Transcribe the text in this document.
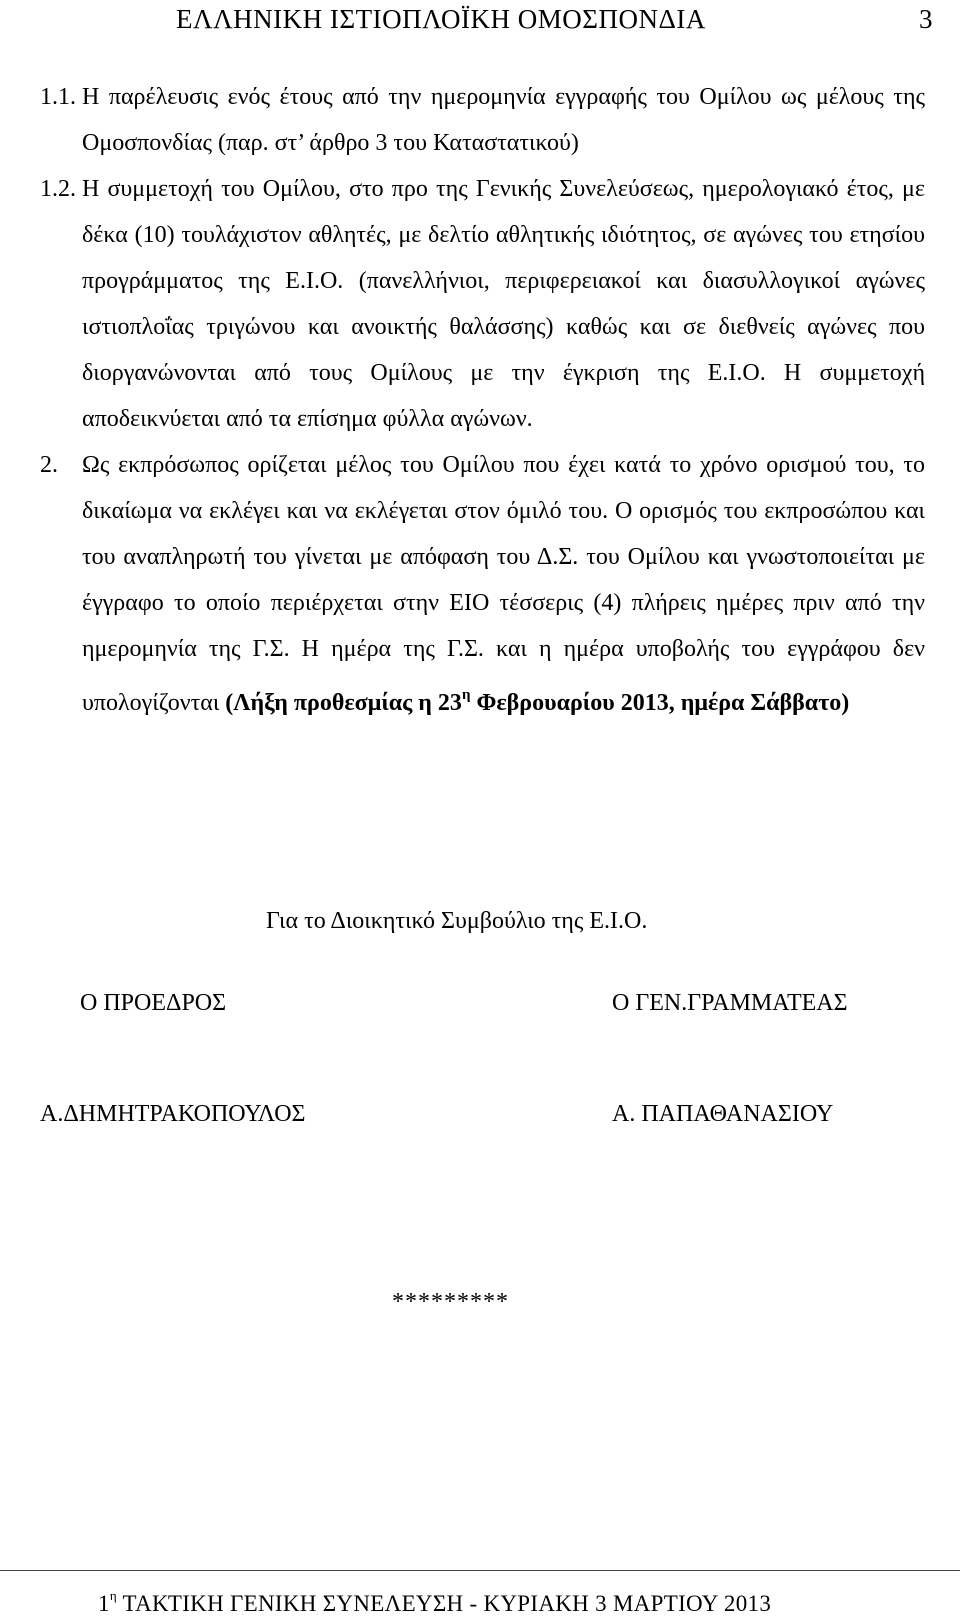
ΕΛΛΗΝΙΚΗ ΙΣΤΙΟΠΛΟΪΚΗ ΟΜΟΣΠΟΝΔΙΑ	3
1.1. Η παρέλευσις ενός έτους από την ημερομηνία εγγραφής του Ομίλου ως μέλους της Ομοσπονδίας (παρ. στ’ άρθρο 3 του Καταστατικού)

1.2. Η συμμετοχή του Ομίλου, στο προ της Γενικής Συνελεύσεως, ημερολογιακό έτος, με δέκα (10) τουλάχιστον αθλητές, με δελτίο αθλητικής ιδιότητος, σε αγώνες του ετησίου προγράμματος της Ε.Ι.Ο. (πανελλήνιοι, περιφερειακοί και διασυλλογικοί αγώνες ιστιοπλοΐας τριγώνου και ανοικτής θαλάσσης) καθώς και σε διεθνείς αγώνες που διοργανώνονται από τους Ομίλους με την έγκριση της Ε.Ι.Ο. Η συμμετοχή αποδεικνύεται από τα επίσημα φύλλα αγώνων.

2. Ως εκπρόσωπος ορίζεται μέλος του Ομίλου που έχει κατά το χρόνο ορισμού του, το δικαίωμα να εκλέγει και να εκλέγεται στον όμιλό του. Ο ορισμός του εκπροσώπου και του αναπληρωτή του γίνεται με απόφαση του Δ.Σ. του Ομίλου και γνωστοποιείται με έγγραφο το οποίο περιέρχεται στην ΕΙΟ τέσσερις (4) πλήρεις ημέρες πριν από την ημερομηνία της Γ.Σ. Η ημέρα της Γ.Σ. και η ημέρα υποβολής του εγγράφου δεν υπολογίζονται (Λήξη προθεσμίας η $23^\eta$ Φεβρουαρίου 2013, ημέρα Σάββατο)

Για το Διοικητικό Συμβούλιο της Ε.Ι.Ο.
Ο ΠΡΟΕΔΡΟΣ	Ο ΓΕΝ.ΓΡΑΜΜΑΤΕΑΣ
Α.ΔΗΜΗΤΡΑΚΟΠΟΥΛΟΣ	Α. ΠΑΠΑΘΑΝΑΣΙΟΥ
*********
$1^\eta$ ΤΑΚΤΙΚΗ ΓΕΝΙΚΗ ΣΥΝΕΛΕΥΣΗ - ΚΥΡΙΑΚΗ 3 ΜΑΡΤΙΟΥ 2013
